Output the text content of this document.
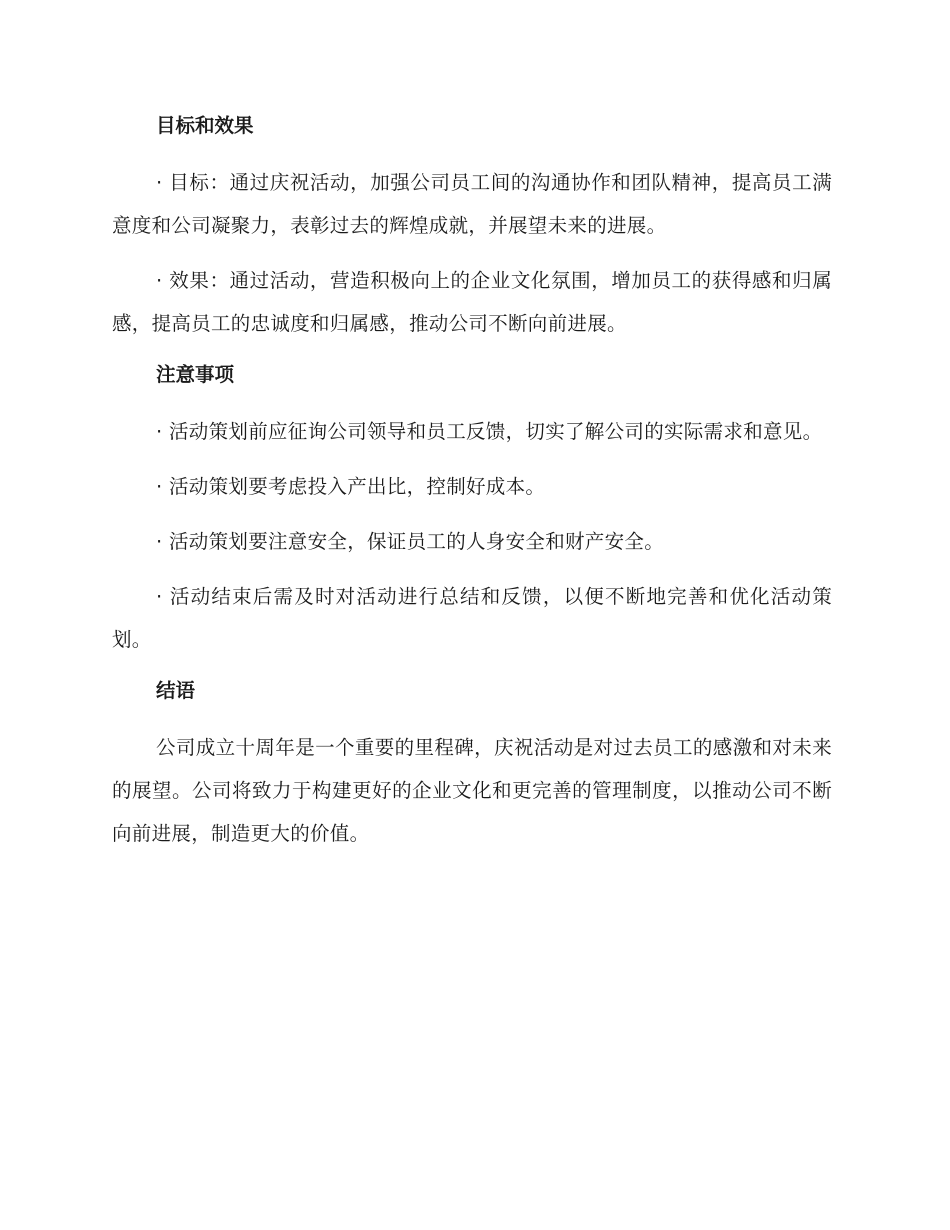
目标和效果

· 目标：通过庆祝活动，加强公司员工间的沟通协作和团队精神，提高员工满意度和公司凝聚力，表彰过去的辉煌成就，并展望未来的进展。

· 效果：通过活动，营造积极向上的企业文化氛围，增加员工的获得感和归属感，提高员工的忠诚度和归属感，推动公司不断向前进展。

注意事项

· 活动策划前应征询公司领导和员工反馈，切实了解公司的实际需求和意见。

· 活动策划要考虑投入产出比，控制好成本。

· 活动策划要注意安全，保证员工的人身安全和财产安全。

· 活动结束后需及时对活动进行总结和反馈，以便不断地完善和优化活动策划。

结语

公司成立十周年是一个重要的里程碑，庆祝活动是对过去员工的感激和对未来的展望。公司将致力于构建更好的企业文化和更完善的管理制度，以推动公司不断向前进展，制造更大的价值。
